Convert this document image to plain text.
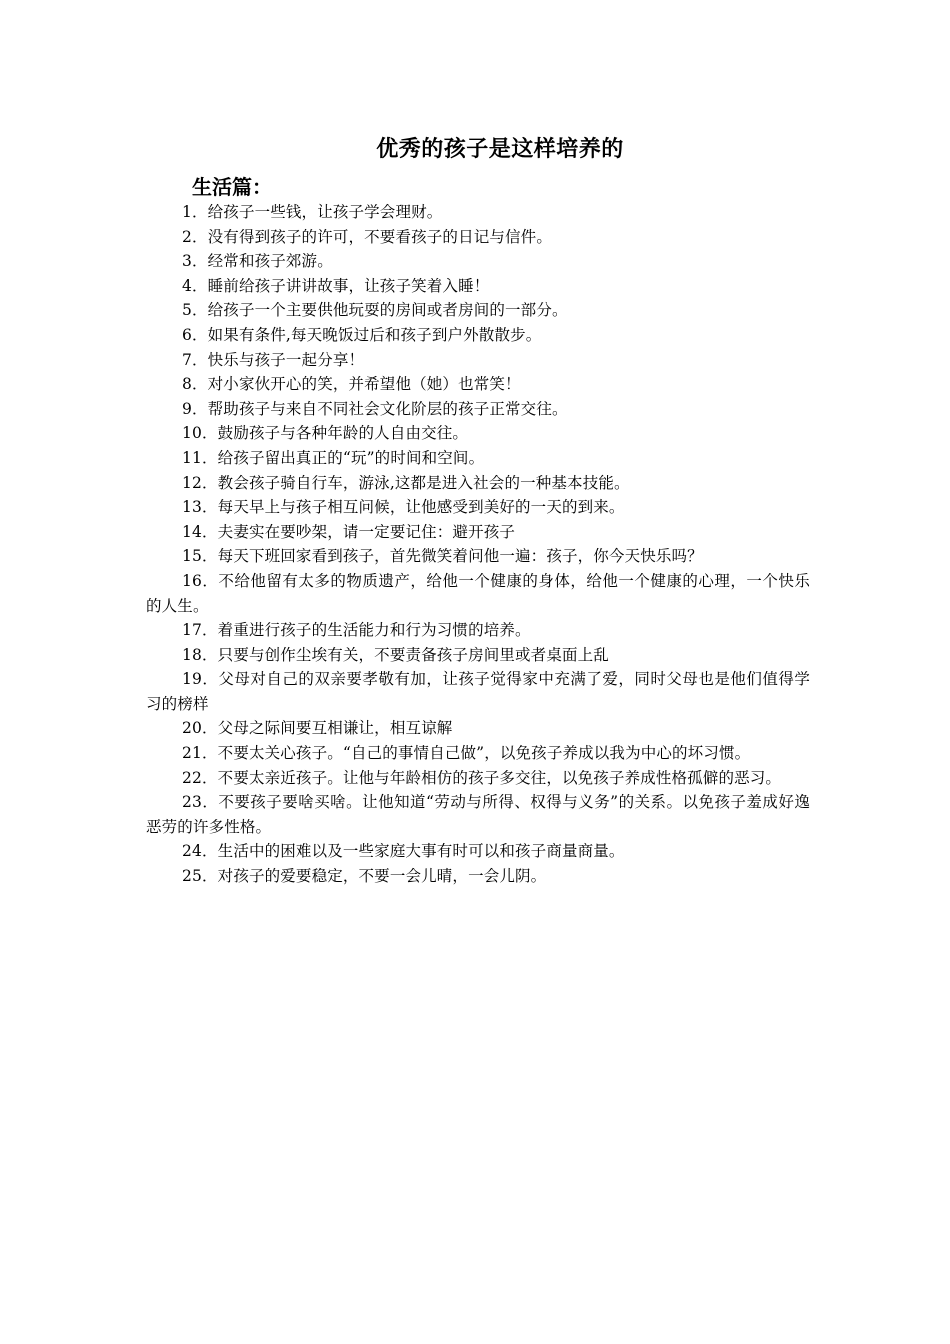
优秀的孩子是这样培养的
生活篇：
1．给孩子一些钱，让孩子学会理财。
2．没有得到孩子的许可，不要看孩子的日记与信件。
3．经常和孩子郊游。
4．睡前给孩子讲讲故事，让孩子笑着入睡！
5．给孩子一个主要供他玩耍的房间或者房间的一部分。
6．如果有条件,每天晚饭过后和孩子到户外散散步。
7．快乐与孩子一起分享！
8．对小家伙开心的笑，并希望他（她）也常笑！
9．帮助孩子与来自不同社会文化阶层的孩子正常交往。
10．鼓励孩子与各种年龄的人自由交往。
11．给孩子留出真正的“玩”的时间和空间。
12．教会孩子骑自行车，游泳,这都是进入社会的一种基本技能。
13．每天早上与孩子相互问候，让他感受到美好的一天的到来。
14．夫妻实在要吵架，请一定要记住：避开孩子
15．每天下班回家看到孩子，首先微笑着问他一遍：孩子，你今天快乐吗？
16．不给他留有太多的物质遗产，给他一个健康的身体，给他一个健康的心理，一个快乐的人生。
17．着重进行孩子的生活能力和行为习惯的培养。
18．只要与创作尘埃有关，不要责备孩子房间里或者桌面上乱
19．父母对自己的双亲要孝敬有加，让孩子觉得家中充满了爱，同时父母也是他们值得学习的榜样
20．父母之际间要互相谦让，相互谅解
21．不要太关心孩子。“自己的事情自己做”，以免孩子养成以我为中心的坏习惯。
22．不要太亲近孩子。让他与年龄相仿的孩子多交往，以免孩子养成性格孤僻的恶习。
23．不要孩子要啥买啥。让他知道“劳动与所得、权得与义务”的关系。以免孩子羞成好逸恶劳的许多性格。
24．生活中的困难以及一些家庭大事有时可以和孩子商量商量。
25．对孩子的爱要稳定，不要一会儿晴，一会儿阴。
